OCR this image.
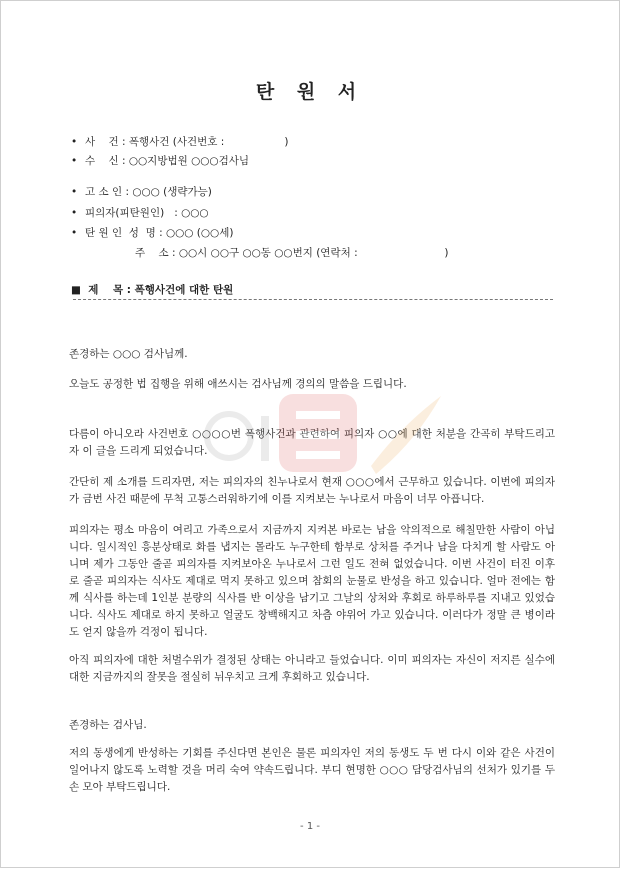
탄 원 서
• 사    건 : 폭행사건 (사건번호 :                  )
• 수    신 : ○○지방법원 ○○○검사님
• 고 소 인 : ○○○ (생략가능)
• 피의자(피탄원인)   : ○○○
• 탄 원 인  성  명 : ○○○ (○○세)
주    소 : ○○시 ○○구 ○○동 ○○번지 (연락처 :                          )
■  제    목 : 폭행사건에 대한 탄원
존경하는 ○○○ 검사님께.
오늘도 공정한 법 집행을 위해 애쓰시는 검사님께 경의의 말씀을 드립니다.
다름이 아니오라 사건번호 ○○○○번 폭행사건과 관련하여 피의자 ○○에 대한 처분을 간곡히 부탁드리고자 이 글을 드리게 되었습니다.
간단히 제 소개를 드리자면, 저는 피의자의 친누나로서 현재 ○○○에서 근무하고 있습니다. 이번에 피의자가 금번 사건 때문에 무척 고통스러워하기에 이를 지켜보는 누나로서 마음이 너무 아픕니다.
피의자는 평소 마음이 여리고 가족으로서 지금까지 지켜본 바로는 남을 악의적으로 해칠만한 사람이 아닙니다. 일시적인 흥분상태로 화를 냅지는 몰라도 누구한테 함부로 상처를 주거나 남을 다치게 할 사람도 아니며 제가 그동안 줄곧 피의자를 지켜보아온 누나로서 그런 일도 전혀 없었습니다. 이번 사건이 터진 이후로 줄곧 피의자는 식사도 제대로 먹지 못하고 있으며 참회의 눈물로 반성을 하고 있습니다. 얼마 전에는 함께 식사를 하는데 1인분 분량의 식사를 반 이상을 남기고 그날의 상처와 후회로 하루하루를 지내고 있었습니다. 식사도 제대로 하지 못하고 얼굴도 창백해지고 차츰 야위어 가고 있습니다. 이러다가 정말 큰 병이라도 얻지 않을까 걱정이 됩니다.
아직 피의자에 대한 처벌수위가 결정된 상태는 아니라고 들었습니다. 이미 피의자는 자신이 저지른 실수에 대한 지금까지의 잘못을 절실히 뉘우치고 크게 후회하고 있습니다.
존경하는 검사님.
저의 동생에게 반성하는 기회를 주신다면 본인은 물론 피의자인 저의 동생도 두 번 다시 이와 같은 사건이 일어나지 않도록 노력할 것을 머리 숙여 약속드립니다. 부디 현명한 ○○○ 담당검사님의 선처가 있기를 두 손 모아 부탁드립니다.
- 1 -
